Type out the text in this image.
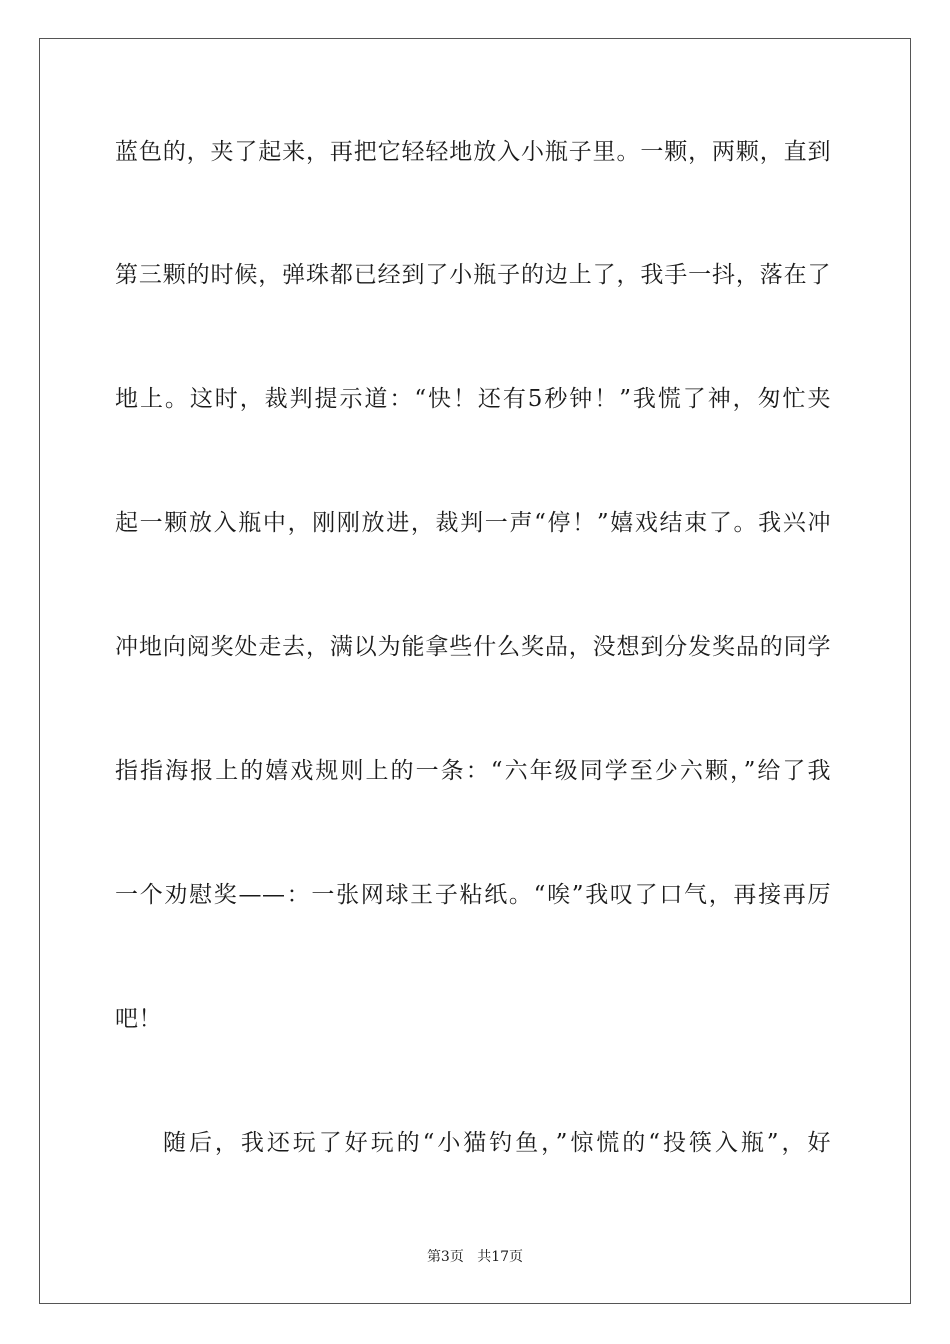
蓝色的，夹了起来，再把它轻轻地放入小瓶子里。一颗，两颗，直到
第三颗的时候，弹珠都已经到了小瓶子的边上了，我手一抖，落在了
地上。这时，裁判提示道：“快！还有5秒钟！”我慌了神，匆忙夹
起一颗放入瓶中，刚刚放进，裁判一声“停！”嬉戏结束了。我兴冲
冲地向阅奖处走去，满以为能拿些什么奖品，没想到分发奖品的同学
指指海报上的嬉戏规则上的一条：“六年级同学至少六颗，”给了我
一个劝慰奖——：一张网球王子粘纸。“唉”我叹了口气，再接再厉
吧！
随后，我还玩了好玩的“小猫钓鱼，”惊慌的“投筷入瓶”，好
第3页 共17页
